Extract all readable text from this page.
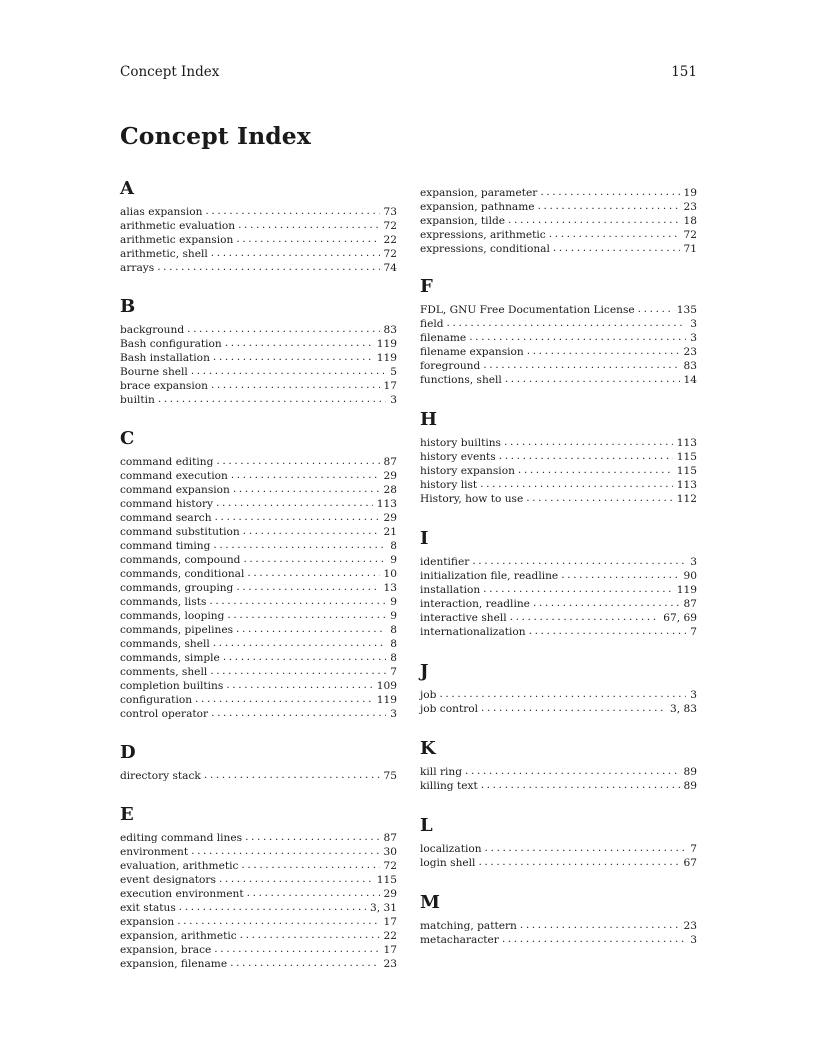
Concept Index	151
Concept Index
A
alias expansion .....	73
arithmetic evaluation .....	72
arithmetic expansion .....	22
arithmetic, shell .....	72
arrays .....	74
B
background .....	83
Bash configuration .....	119
Bash installation .....	119
Bourne shell .....	5
brace expansion .....	17
builtin .....	3
C
command editing .....	87
command execution .....	29
command expansion .....	28
command history .....	113
command search .....	29
command substitution .....	21
command timing .....	8
commands, compound .....	9
commands, conditional .....	10
commands, grouping .....	13
commands, lists .....	9
commands, looping .....	9
commands, pipelines .....	8
commands, shell .....	8
commands, simple .....	8
comments, shell .....	7
completion builtins .....	109
configuration .....	119
control operator .....	3
D
directory stack .....	75
E
editing command lines .....	87
environment .....	30
evaluation, arithmetic .....	72
event designators .....	115
execution environment .....	29
exit status .....	3, 31
expansion .....	17
expansion, arithmetic .....	22
expansion, brace .....	17
expansion, filename .....	23
expansion, parameter .....	19
expansion, pathname .....	23
expansion, tilde .....	18
expressions, arithmetic .....	72
expressions, conditional .....	71
F
FDL, GNU Free Documentation License .....	135
field .....	3
filename .....	3
filename expansion .....	23
foreground .....	83
functions, shell .....	14
H
history builtins .....	113
history events .....	115
history expansion .....	115
history list .....	113
History, how to use .....	112
I
identifier .....	3
initialization file, readline .....	90
installation .....	119
interaction, readline .....	87
interactive shell .....	67, 69
internationalization .....	7
J
job .....	3
job control .....	3, 83
K
kill ring .....	89
killing text .....	89
L
localization .....	7
login shell .....	67
M
matching, pattern .....	23
metacharacter .....	3
